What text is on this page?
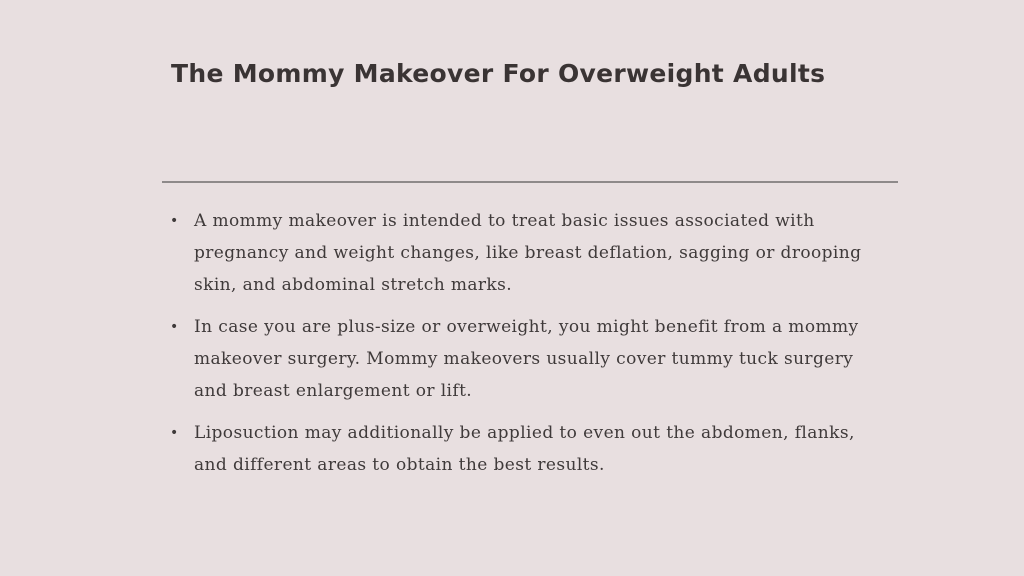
The Mommy Makeover For Overweight Adults
• A mommy makeover is intended to treat basic issues associated with pregnancy and weight changes, like breast deflation, sagging or drooping skin, and abdominal stretch marks.
• In case you are plus-size or overweight, you might benefit from a mommy makeover surgery. Mommy makeovers usually cover tummy tuck surgery and breast enlargement or lift.
• Liposuction may additionally be applied to even out the abdomen, flanks, and different areas to obtain the best results.
